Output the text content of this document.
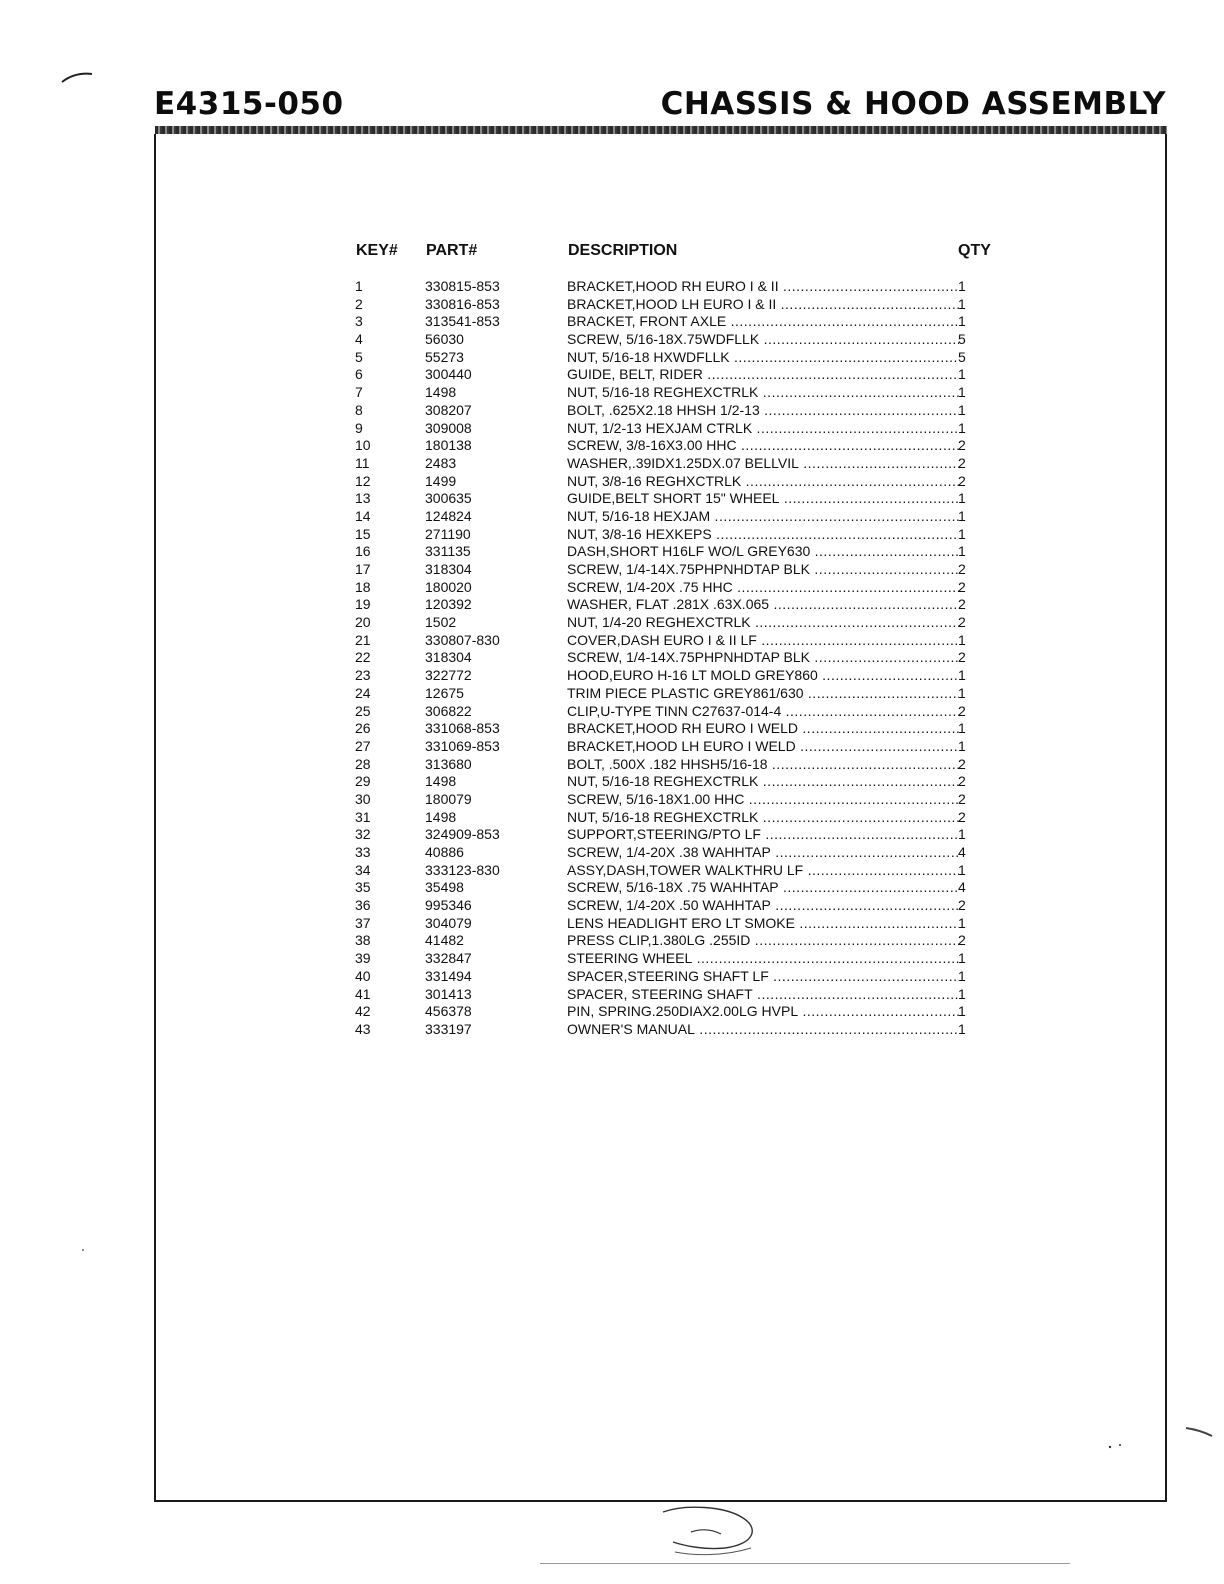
E4315-050	CHASSIS & HOOD ASSEMBLY
KEY# PART#	DESCRIPTION	QTY
1	330815-853	BRACKET,HOOD RH EURO I & II .....	1
2	330816-853	BRACKET,HOOD LH EURO I & II .....	1
3	313541-853	BRACKET, FRONT AXLE .....	1
4	56030	SCREW, 5/16-18X.75WDFLLK .....	5
5	55273	NUT, 5/16-18 HXWDFLLK .....	5
6	300440	GUIDE, BELT, RIDER .....	1
7	1498	NUT, 5/16-18 REGHEXCTRLK .....	1
8	308207	BOLT, .625X2.18 HHSH 1/2-13 .....	1
9	309008	NUT, 1/2-13 HEXJAM CTRLK .....	1
10	180138	SCREW, 3/8-16X3.00 HHC .....	2
11	2483	WASHER,.39IDX1.25DX.07 BELLVIL .....	2
12	1499	NUT, 3/8-16 REGHXCTRLK .....	2
13	300635	GUIDE,BELT SHORT 15" WHEEL .....	1
14	124824	NUT, 5/16-18 HEXJAM .....	1
15	271190	NUT, 3/8-16 HEXKEPS .....	1
16	331135	DASH,SHORT H16LF WO/L GREY630 .....	1
17	318304	SCREW, 1/4-14X.75PHPNHDTAP BLK .....	2
18	180020	SCREW, 1/4-20X .75 HHC .....	2
19	120392	WASHER, FLAT .281X .63X.065 .....	2
20	1502	NUT, 1/4-20 REGHEXCTRLK .....	2
21	330807-830	COVER,DASH EURO I & II LF .....	1
22	318304	SCREW, 1/4-14X.75PHPNHDTAP BLK .....	2
23	322772	HOOD,EURO H-16 LT MOLD GREY860 .....	1
24	12675	TRIM PIECE PLASTIC GREY861/630 .....	1
25	306822	CLIP,U-TYPE TINN C27637-014-4 .....	2
26	331068-853	BRACKET,HOOD RH EURO I WELD .....	1
27	331069-853	BRACKET,HOOD LH EURO I WELD .....	1
28	313680	BOLT, .500X .182 HHSH5/16-18 .....	2
29	1498	NUT, 5/16-18 REGHEXCTRLK .....	2
30	180079	SCREW, 5/16-18X1.00 HHC .....	2
31	1498	NUT, 5/16-18 REGHEXCTRLK .....	2
32	324909-853	SUPPORT,STEERING/PTO LF .....	1
33	40886	SCREW, 1/4-20X .38 WAHHTAP .....	4
34	333123-830	ASSY,DASH,TOWER WALKTHRU LF .....	1
35	35498	SCREW, 5/16-18X .75 WAHHTAP .....	4
36	995346	SCREW, 1/4-20X .50 WAHHTAP .....	2
37	304079	LENS HEADLIGHT ERO LT SMOKE .....	1
38	41482	PRESS CLIP,1.380LG .255ID .....	2
39	332847	STEERING WHEEL .....	1
40	331494	SPACER,STEERING SHAFT LF .....	1
41	301413	SPACER, STEERING SHAFT .....	1
42	456378	PIN, SPRING.250DIAX2.00LG HVPL .....	1
43	333197	OWNER'S MANUAL .....	1
